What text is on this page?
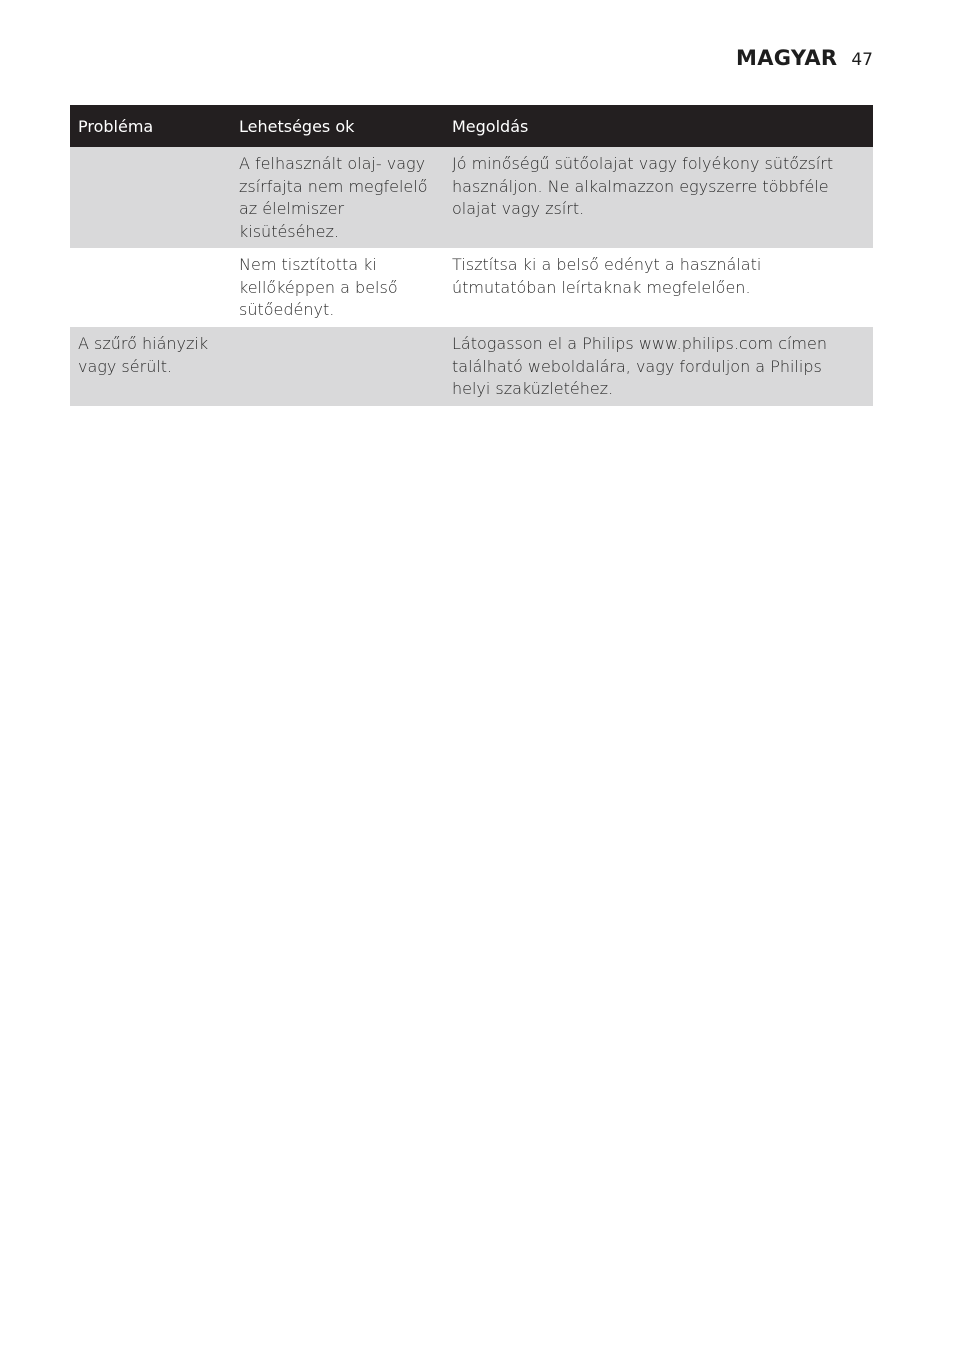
MAGYAR 47
Probléma	Lehetséges ok	Megoldás
	A felhasznált olaj- vagy zsírfajta nem megfelelő az élelmiszer kisütéséhez.	Jó minőségű sütőolajat vagy folyékony sütőzsírt használjon. Ne alkalmazzon egyszerre többféle olajat vagy zsírt.
	Nem tisztította ki kellőképpen a belső sütőedényt.	Tisztítsa ki a belső edényt a használati útmutatóban leírtaknak megfelelően.
A szűrő hiányzik vagy sérült.		Látogasson el a Philips www.philips.com címen található weboldalára, vagy forduljon a Philips helyi szaküzletéhez.
